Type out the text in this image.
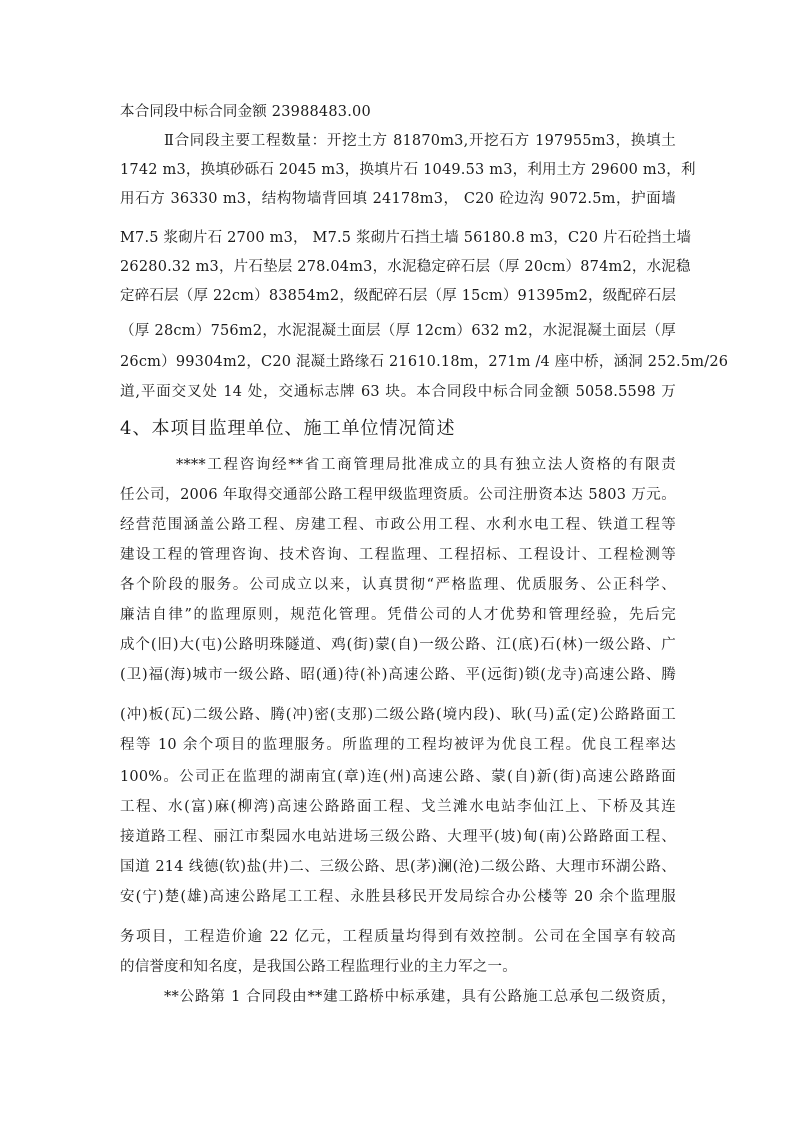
本合同段中标合同金额 23988483.00
Ⅱ合同段主要工程数量：开挖土方 81870m3,开挖石方 197955m3，换填土
1742 m3，换填砂砾石 2045 m3，换填片石 1049.53 m3，利用土方 29600 m3，利
用石方 36330 m3，结构物墙背回填 24178m3， C20 砼边沟 9072.5m，护面墙
M7.5 浆砌片石 2700 m3， M7.5 浆砌片石挡土墙 56180.8 m3，C20 片石砼挡土墙
26280.32 m3，片石垫层 278.04m3，水泥稳定碎石层（厚 20cm）874m2，水泥稳
定碎石层（厚 22cm）83854m2，级配碎石层（厚 15cm）91395m2，级配碎石层
（厚 28cm）756m2，水泥混凝土面层（厚 12cm）632 m2，水泥混凝土面层（厚
26cm）99304m2，C20 混凝土路缘石 21610.18m，271m /4 座中桥，涵洞 252.5m/26
道,平面交叉处 14 处，交通标志牌 63 块。本合同段中标合同金额 5058.5598 万
4、本项目监理单位、施工单位情况简述
****工程咨询经**省工商管理局批准成立的具有独立法人资格的有限责
任公司，2006 年取得交通部公路工程甲级监理资质。公司注册资本达 5803 万元。
经营范围涵盖公路工程、房建工程、市政公用工程、水利水电工程、铁道工程等
建设工程的管理咨询、技术咨询、工程监理、工程招标、工程设计、工程检测等
各个阶段的服务。公司成立以来，认真贯彻“严格监理、优质服务、公正科学、
廉洁自律”的监理原则，规范化管理。凭借公司的人才优势和管理经验，先后完
成个(旧)大(屯)公路明珠隧道、鸡(街)蒙(自)一级公路、江(底)石(林)一级公路、广
(卫)福(海)城市一级公路、昭(通)待(补)高速公路、平(远街)锁(龙寺)高速公路、腾
(冲)板(瓦)二级公路、腾(冲)密(支那)二级公路(境内段)、耿(马)孟(定)公路路面工
程等 10 余个项目的监理服务。所监理的工程均被评为优良工程。优良工程率达
100%。公司正在监理的湖南宜(章)连(州)高速公路、蒙(自)新(街)高速公路路面
工程、水(富)麻(柳湾)高速公路路面工程、戈兰滩水电站李仙江上、下桥及其连
接道路工程、丽江市梨园水电站进场三级公路、大理平(坡)甸(南)公路路面工程、
国道 214 线德(钦)盐(井)二、三级公路、思(茅)澜(沧)二级公路、大理市环湖公路、
安(宁)楚(雄)高速公路尾工工程、永胜县移民开发局综合办公楼等 20 余个监理服
务项目，工程造价逾 22 亿元，工程质量均得到有效控制。公司在全国享有较高
的信誉度和知名度，是我国公路工程监理行业的主力军之一。
**公路第 1 合同段由**建工路桥中标承建，具有公路施工总承包二级资质，
